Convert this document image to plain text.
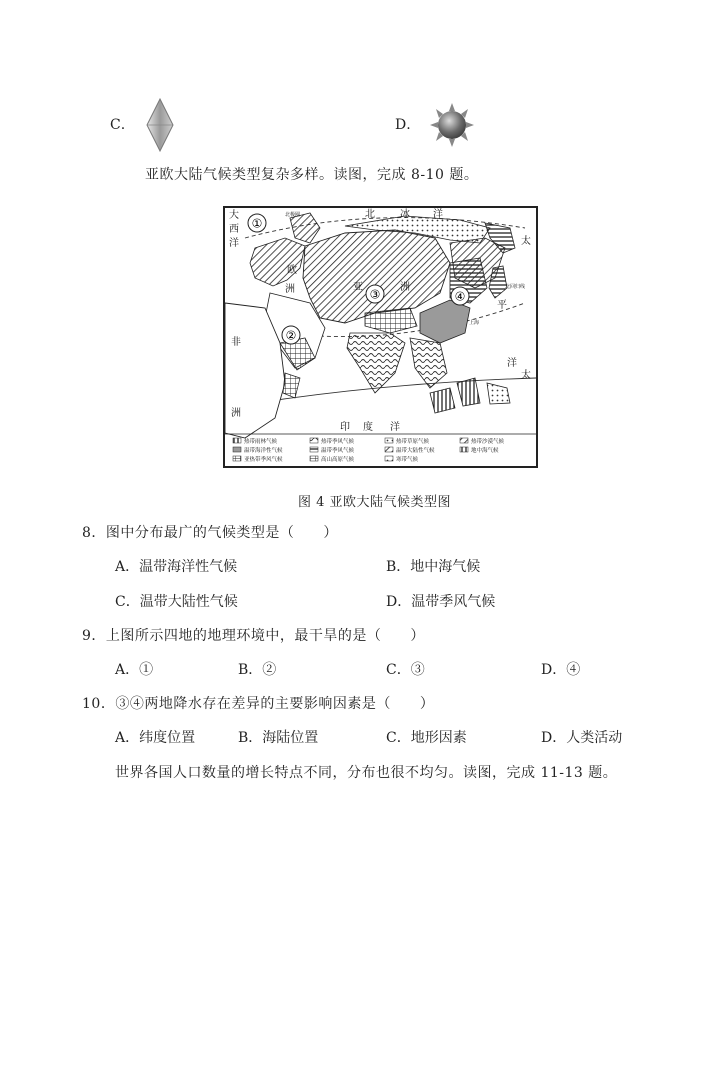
C.	D.
亚欧大陆气候类型复杂多样。读图，完成 8-10 题。
①
②
③	④
大
西
洋
北	冰 洋
太
平
洋
太
非
洲
欧
洲	亚	洲
印 度 洋
北极圈
北回归线
上海
热带雨林气候
温带海洋性气候
亚热带季风气候
热带季风气候
温带季风气候
高山高原气候
热带草原气候
温带大陆性气候
寒带气候
热带沙漠气候
地中海气候
图 4 亚欧大陆气候类型图
8．图中分布最广的气候类型是（　　）
A．温带海洋性气候	B．地中海气候
C．温带大陆性气候	D．温带季风气候
9．上图所示四地的地理环境中，最干旱的是（　　）
A．①	B．②	C．③	D．④
10．③④两地降水存在差异的主要影响因素是（　　）
A．纬度位置	B．海陆位置	C．地形因素	D．人类活动
世界各国人口数量的增长特点不同，分布也很不均匀。读图，完成 11-13 题。
